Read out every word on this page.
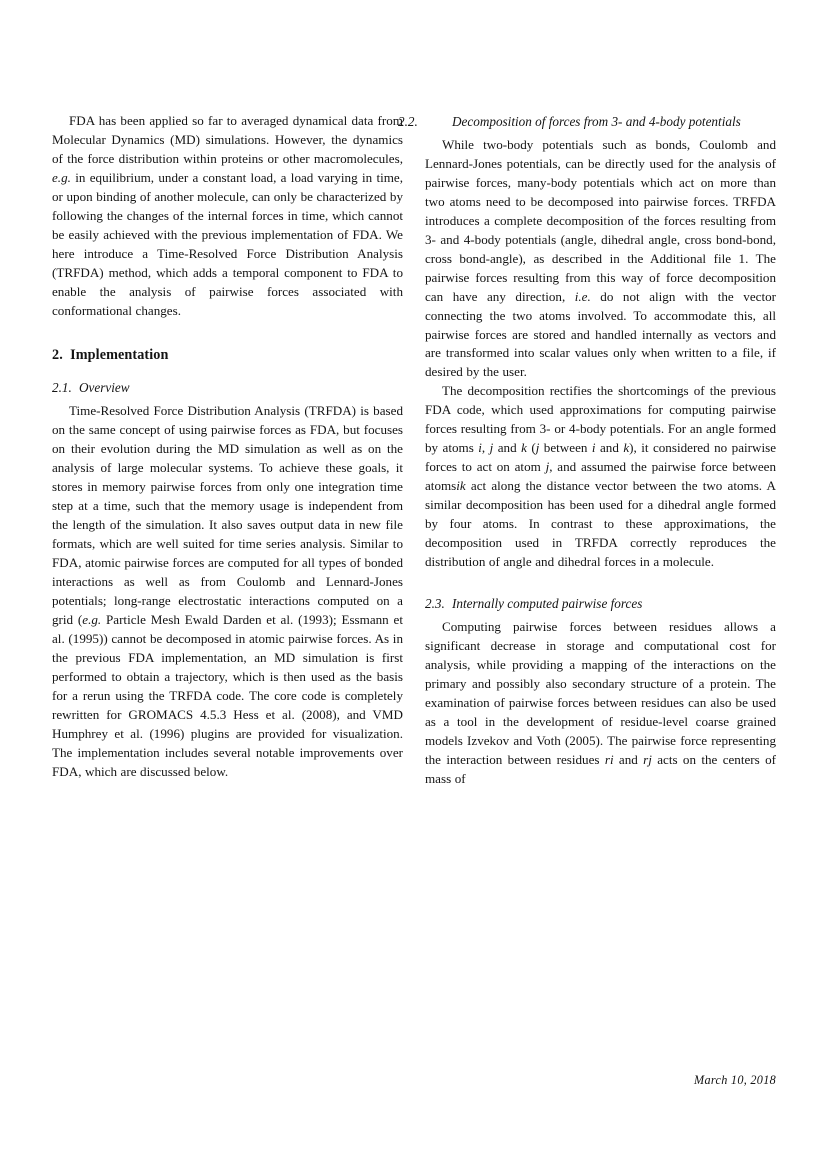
FDA has been applied so far to averaged dynamical data from Molecular Dynamics (MD) simulations. However, the dynamics of the force distribution within proteins or other macromolecules, e.g. in equilibrium, under a constant load, a load varying in time, or upon binding of another molecule, can only be characterized by following the changes of the internal forces in time, which cannot be easily achieved with the previous implementation of FDA. We here introduce a Time-Resolved Force Distribution Analysis (TRFDA) method, which adds a temporal component to FDA to enable the analysis of pairwise forces associated with conformational changes.

2. Implementation
2.1. Overview

Time-Resolved Force Distribution Analysis (TRFDA) is based on the same concept of using pairwise forces as FDA, but focuses on their evolution during the MD simulation as well as on the analysis of large molecular systems. To achieve these goals, it stores in memory pairwise forces from only one integration time step at a time, such that the memory usage is independent from the length of the simulation. It also saves output data in new file formats, which are well suited for time series analysis. Similar to FDA, atomic pairwise forces are computed for all types of bonded interactions as well as from Coulomb and Lennard-Jones potentials; long-range electrostatic interactions computed on a grid (e.g. Particle Mesh Ewald Darden et al. (1993); Essmann et al. (1995)) cannot be decomposed in atomic pairwise forces. As in the previous FDA implementation, an MD simulation is first performed to obtain a trajectory, which is then used as the basis for a rerun using the TRFDA code. The core code is completely rewritten for GROMACS 4.5.3 Hess et al. (2008), and VMD Humphrey et al. (1996) plugins are provided for visualization. The implementation includes several notable improvements over FDA, which are discussed below.

2.2.	Decomposition of forces from 3- and 4-body potentials

While two-body potentials such as bonds, Coulomb and Lennard-Jones potentials, can be directly used for the analysis of pairwise forces, many-body potentials which act on more than two atoms need to be decomposed into pairwise forces. TRFDA introduces a complete decomposition of the forces resulting from 3- and 4-body potentials (angle, dihedral angle, cross bond-bond, cross bond-angle), as described in the Additional file 1. The pairwise forces resulting from this way of force decomposition can have any direction, i.e. do not align with the vector connecting the two atoms involved. To accommodate this, all pairwise forces are stored and handled internally as vectors and are transformed into scalar values only when written to a file, if desired by the user.

The decomposition rectifies the shortcomings of the previous FDA code, which used approximations for computing pairwise forces resulting from 3- or 4-body potentials. For an angle formed by atoms i, j and k (j between i and k), it considered no pairwise forces to act on atom j, and assumed the pairwise force between atomsik act along the distance vector between the two atoms. A similar decomposition has been used for a dihedral angle formed by four atoms. In contrast to these approximations, the decomposition used in TRFDA correctly reproduces the distribution of angle and dihedral forces in a molecule.

2.3. Internally computed pairwise forces

Computing pairwise forces between residues allows a significant decrease in storage and computational cost for analysis, while providing a mapping of the interactions on the primary and possibly also secondary structure of a protein. The examination of pairwise forces between residues can also be used as a tool in the development of residue-level coarse grained models Izvekov and Voth (2005). The pairwise force representing the interaction between residues ri and rj acts on the centers of mass of

March 10, 2018
